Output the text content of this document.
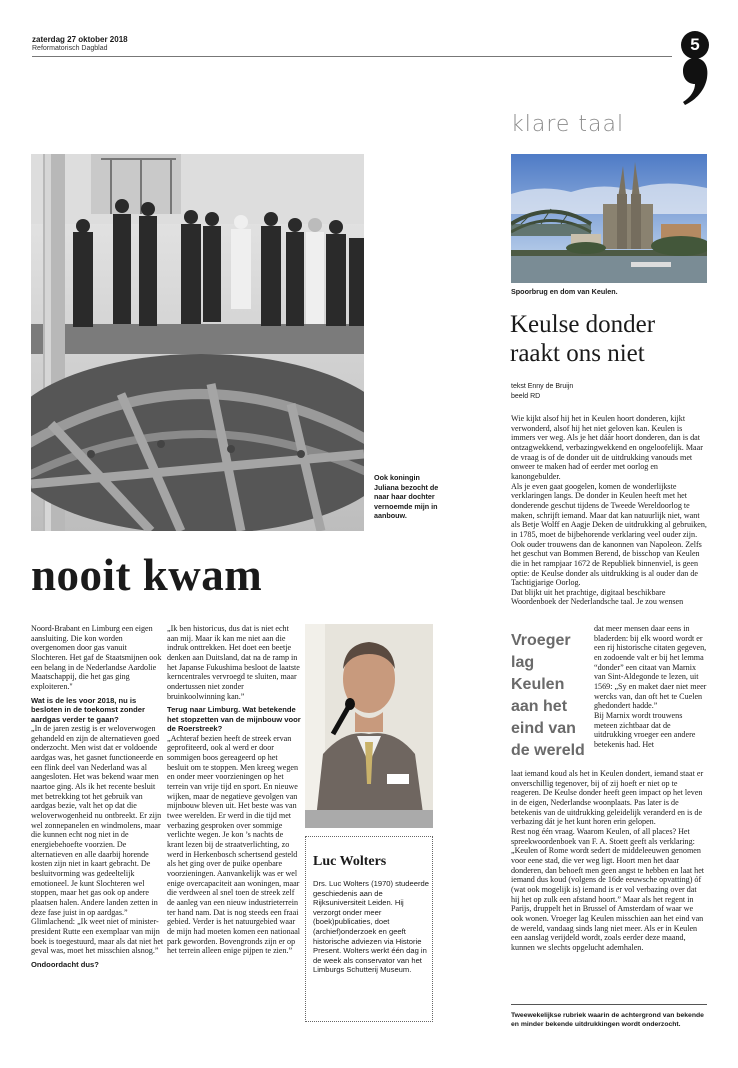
zaterdag 27 oktober 2018
Reformatorisch Dagblad	5
Ook koningin Juliana bezocht de naar haar dochter vernoemde mijn in aanbouw.
nooit kwam

Noord-Brabant en Limburg een eigen aansluiting. Die kon worden overgenomen door gas vanuit Slochteren. Het gaf de Staatsmijnen ook een belang in de Nederlandse Aardolie Maatschappij, die het gas ging exploiteren."

Wat is de les voor 2018, nu is besloten in de toekomst zonder aardgas verder te gaan?

„In de jaren zestig is er weloverwogen gehandeld en zijn de alternatieven goed onderzocht. Men wist dat er voldoende aardgas was, het gasnet functioneerde en een flink deel van Nederland was al aangesloten. Het was bekend waar men naartoe ging. Als ik het recente besluit met betrekking tot het gebruik van aardgas bezie, valt het op dat die weloverwogenheid nu ontbreekt. Er zijn wel zonnepanelen en windmolens, maar die kunnen echt nog niet in de energiebehoefte voorzien. De alternatieven en alle daarbij horende kosten zijn niet in kaart gebracht. De besluitvorming was gedeeltelijk emotioneel. Je kunt Slochteren wel stoppen, maar het gas ook op andere plaatsen halen. Andere landen zetten in deze fase juist in op aardgas.” Glimlachend: „Ik weet niet of minister-president Rutte een exemplaar van mijn boek is toegestuurd, maar als dat niet het geval was, moet het misschien alsnog.”

Ondoordacht dus?

„Ik ben historicus, dus dat is niet echt aan mij. Maar ik kan me niet aan die indruk onttrekken. Het doet een beetje denken aan Duitsland, dat na de ramp in het Japanse Fukushima besloot de laatste kerncentrales vervroegd te sluiten, maar ondertussen niet zonder bruinkoolwinning kan.”

Terug naar Limburg. Wat betekende het stopzetten van de mijnbouw voor de Roerstreek?

„Achteraf bezien heeft de streek ervan geprofiteerd, ook al werd er door sommigen boos gereageerd op het besluit om te stoppen. Men kreeg wegen en onder meer voorzieningen op het terrein van vrije tijd en sport. En nieuwe wijken, maar de negatieve gevolgen van mijnbouw bleven uit. Het beste was van twee werelden. Er werd in die tijd met verbazing gesproken over sommige verlichte wegen. Je kon ’s nachts de krant lezen bij de straatverlichting, zo werd in Herkenbosch schertsend gesteld als het ging over de puike openbare voorzieningen. Aanvankelijk was er wel enige overcapaciteit aan woningen, maar die verdween al snel toen de streek zelf de aanleg van een nieuw industrieterrein ter hand nam. Dat is nog steeds een fraai gebied. Verder is het natuurgebied waar de mijn had moeten komen een nationaal park geworden. Bovengronds zijn er op het terrein alleen enige pijpen te zien.”

Luc Wolters
Drs. Luc Wolters (1970) studeerde geschiedenis aan de Rijksuniversiteit Leiden. Hij verzorgt onder meer (boek)publicaties, doet (archief)onderzoek en geeft historische adviezen via Historie Present. Wolters werkt één dag in de week als conservator van het Limburgs Schutterij Museum.
klare taal
Spoorbrug en dom van Keulen.
Keulse donder raakt ons niet
tekst Enny de Bruijn
beeld RD
Wie kijkt alsof hij het in Keulen hoort donderen, kijkt verwonderd, alsof hij het niet geloven kan. Keulen is immers ver weg. Als je het dáár hoort donderen, dan is dat ontzagwekkend, verbazingwekkend en ongeloofelijk. Maar de vraag is of de donder uit de uitdrukking vanouds met onweer te maken had of eerder met oorlog en kanongebulder.
Als je even gaat googelen, komen de wonderlijkste verklaringen langs. De donder in Keulen heeft met het donderende geschut tijdens de Tweede Wereldoorlog te maken, schrijft iemand. Maar dat kan natuurlijk niet, want als Betje Wolff en Aagje Deken de uitdrukking al gebruiken, in 1785, moet de bijbehorende verklaring veel ouder zijn. Ook ouder trouwens dan de kanonnen van Napoleon. Zelfs het geschut van Bommen Berend, de bisschop van Keulen die in het rampjaar 1672 de Republiek binnenviel, is geen optie: de Keulse donder als uitdrukking is al ouder dan de Tachtigjarige Oorlog.
Dat blijkt uit het prachtige, digitaal beschikbare Woordenboek der Nederlandsche taal. Je zou wensen
Vroeger lag Keulen aan het eind van de wereld
dat meer mensen daar eens in bladerden: bij elk woord wordt er een rij historische citaten gegeven, en zodoende valt er bij het lemma “donder” een citaat van Marnix van Sint-Aldegonde te lezen, uit 1569: „Sy en maket daer niet meer wercks van, dan oft het te Cuelen ghedondert hadde.”
Bij Marnix wordt trouwens meteen zichtbaar dat de uitdrukking vroeger een andere betekenis had. Het
laat iemand koud als het in Keulen dondert, iemand staat er onverschillig tegenover, bij of zij hoeft er niet op te reageren. De Keulse donder heeft geen impact op het leven in de eigen, Nederlandse woonplaats. Pas later is de betekenis van de uitdrukking geleidelijk veranderd en is de verbazing dát je het kunt horen erin gelopen.
Rest nog één vraag. Waarom Keulen, of all places? Het spreekwoordenboek van F. A. Stoett geeft als verklaring: „Keulen of Rome wordt sedert de middeleeuwen genomen voor eene stad, die ver weg ligt. Hoort men het daar donderen, dan behoeft men geen angst te hebben en laat het iemand dus koud (volgens de 16de eeuwsche opvatting) óf (wat ook mogelijk is) iemand is er vol verbazing over dat hij het op zulk een afstand hoort.” Maar als het regent in Parijs, druppelt het in Brussel of Amsterdam of waar we ook wonen. Vroeger lag Keulen misschien aan het eind van de wereld, vandaag sinds lang niet meer. Als er in Keulen een aanslag verijdeld wordt, zoals eerder deze maand, kunnen we slechts opgelucht ademhalen.
Tweewekelijkse rubriek waarin de achtergrond van bekende en minder bekende uitdrukkingen wordt onderzocht.
